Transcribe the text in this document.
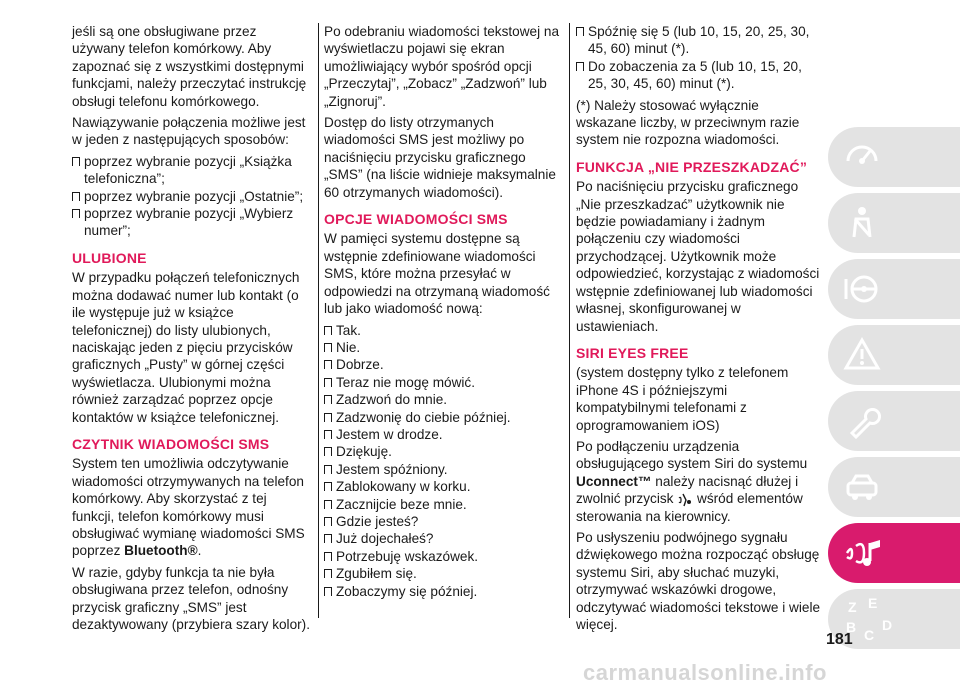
jeśli są one obsługiwane przez używany telefon komórkowy. Aby zapoznać się z wszystkimi dostępnymi funkcjami, należy przeczytać instrukcję obsługi telefonu komórkowego.

Nawiązywanie połączenia możliwe jest w jeden z następujących sposobów:

poprzez wybranie pozycji „Książka telefoniczna”;
poprzez wybranie pozycji „Ostatnie”;
poprzez wybranie pozycji „Wybierz numer”;
ULUBIONE

W przypadku połączeń telefonicznych można dodawać numer lub kontakt (o ile występuje już w książce telefonicznej) do listy ulubionych, naciskając jeden z pięciu przycisków graficznych „Pusty” w górnej części wyświetlacza. Ulubionymi można również zarządzać poprzez opcje kontaktów w książce telefonicznej.

CZYTNIK WIADOMOŚCI SMS

System ten umożliwia odczytywanie wiadomości otrzymywanych na telefon komórkowy. Aby skorzystać z tej funkcji, telefon komórkowy musi obsługiwać wymianę wiadomości SMS poprzez Bluetooth®.

W razie, gdyby funkcja ta nie była obsługiwana przez telefon, odnośny przycisk graficzny „SMS” jest dezaktywowany (przybiera szary kolor).

Po odebraniu wiadomości tekstowej na wyświetlaczu pojawi się ekran umożliwiający wybór spośród opcji „Przeczytaj”, „Zobacz” „Zadzwoń” lub „Zignoruj”.

Dostęp do listy otrzymanych wiadomości SMS jest możliwy po naciśnięciu przycisku graficznego „SMS” (na liście widnieje maksymalnie 60 otrzymanych wiadomości).

OPCJE WIADOMOŚCI SMS

W pamięci systemu dostępne są wstępnie zdefiniowane wiadomości SMS, które można przesyłać w odpowiedzi na otrzymaną wiadomość lub jako wiadomość nową:

Tak.
Nie.
Dobrze.
Teraz nie mogę mówić.
Zadzwoń do mnie.
Zadzwonię do ciebie później.
Jestem w drodze.
Dziękuję.
Jestem spóźniony.
Zablokowany w korku.
Zacznijcie beze mnie.
Gdzie jesteś?
Już dojechałeś?
Potrzebuję wskazówek.
Zgubiłem się.
Zobaczymy się później.
Spóźnię się 5 (lub 10, 15, 20, 25, 30, 45, 60) minut (*).
Do zobaczenia za 5 (lub 10, 15, 20, 25, 30, 45, 60) minut (*).

(*) Należy stosować wyłącznie wskazane liczby, w przeciwnym razie system nie rozpozna wiadomości.

FUNKCJA „NIE PRZESZKADZAĆ”

Po naciśnięciu przycisku graficznego „Nie przeszkadzać” użytkownik nie będzie powiadamiany i żadnym połączeniu czy wiadomości przychodzącej. Użytkownik może odpowiedzieć, korzystając z wiadomości wstępnie zdefiniowanej lub wiadomości własnej, skonfigurowanej w ustawieniach.

SIRI EYES FREE

(system dostępny tylko z telefonem iPhone 4S i późniejszymi kompatybilnymi telefonami z oprogramowaniem iOS)

Po podłączeniu urządzenia obsługującego system Siri do systemu Uconnect™ należy nacisnąć dłużej i zwolnić przycisk  wśród elementów sterowania na kierownicy.

Po usłyszeniu podwójnego sygnału dźwiękowego można rozpocząć obsługę systemu Siri, aby słuchać muzyki, otrzymywać wskazówki drogowe, odczytywać wiadomości tekstowe i wiele więcej.

Z E
B C
D
181
carmanualsonline.info
